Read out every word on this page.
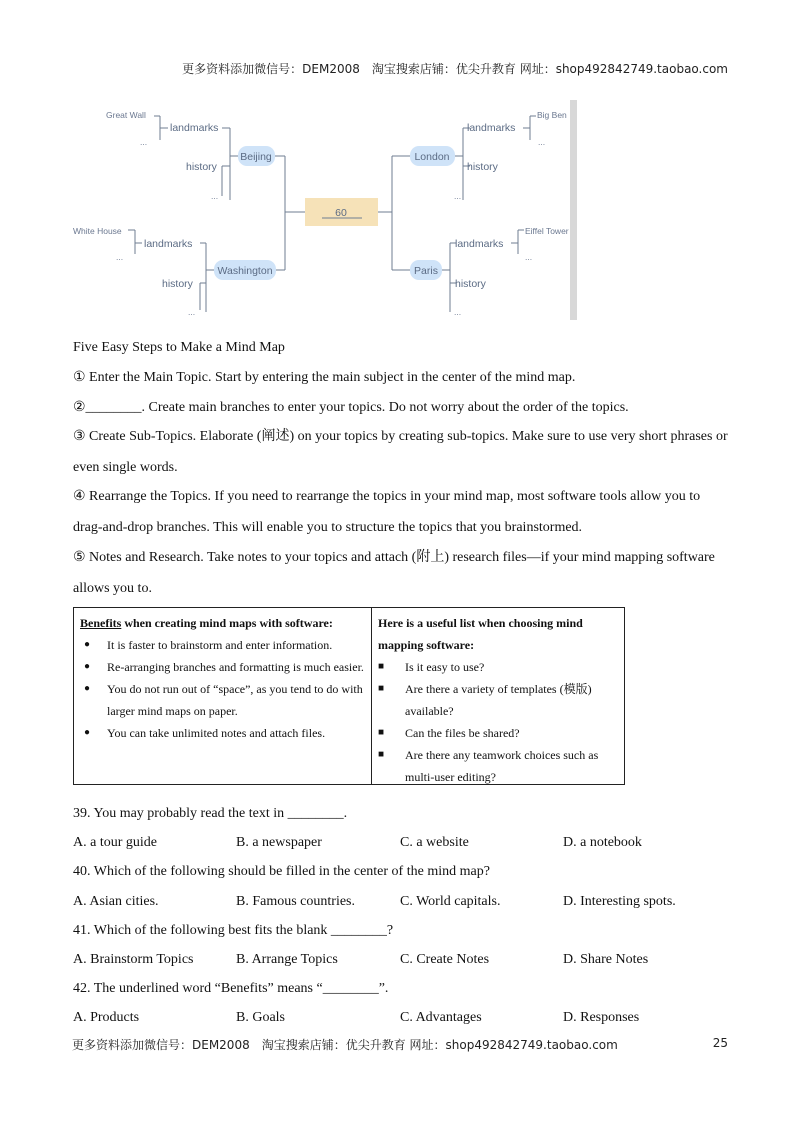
更多资料添加微信号：DEM2008　淘宝搜索店铺：优尖升教育 网址：shop492842749.taobao.com
60
Beijing	London
Washington	Paris
landmarks
history
...
landmarks
history
...
landmarks
history
...
landmarks
history
...
Great Wall
...
Big Ben
...
White House
...
Eiffel Tower
...
Five Easy Steps to Make a Mind Map
① Enter the Main Topic. Start by entering the main subject in the center of the mind map.
②________. Create main branches to enter your topics. Do not worry about the order of the topics.
③ Create Sub-Topics. Elaborate (阐述) on your topics by creating sub-topics. Make sure to use very short phrases or even single words.
④ Rearrange the Topics. If you need to rearrange the topics in your mind map, most software tools allow you to drag-and-drop branches. This will enable you to structure the topics that you brainstormed.
⑤ Notes and Research. Take notes to your topics and attach (附上) research files—if your mind mapping software allows you to.
Benefits when creating mind maps with software:
● It is faster to brainstorm and enter information.
● Re-arranging branches and formatting is much easier.
● You do not run out of “space”, as you tend to do with larger mind maps on paper.
● You can take unlimited notes and attach files.
Here is a useful list when choosing mind mapping software:
■ Is it easy to use?
■ Are there a variety of templates (模版) available?
■ Can the files be shared?
■ Are there any teamwork choices such as multi-user editing?
39. You may probably read the text in ________.
A. a tour guide	B. a newspaper	C. a website	D. a notebook
40. Which of the following should be filled in the center of the mind map?
A. Asian cities.	B. Famous countries.	C. World capitals.	D. Interesting spots.
41. Which of the following best fits the blank ________?
A. Brainstorm Topics	B. Arrange Topics	C. Create Notes	D. Share Notes
42. The underlined word “Benefits” means “________”.
A. Products	B. Goals	C. Advantages	D. Responses
更多资料添加微信号：DEM2008　淘宝搜索店铺：优尖升教育 网址：shop492842749.taobao.com	25
